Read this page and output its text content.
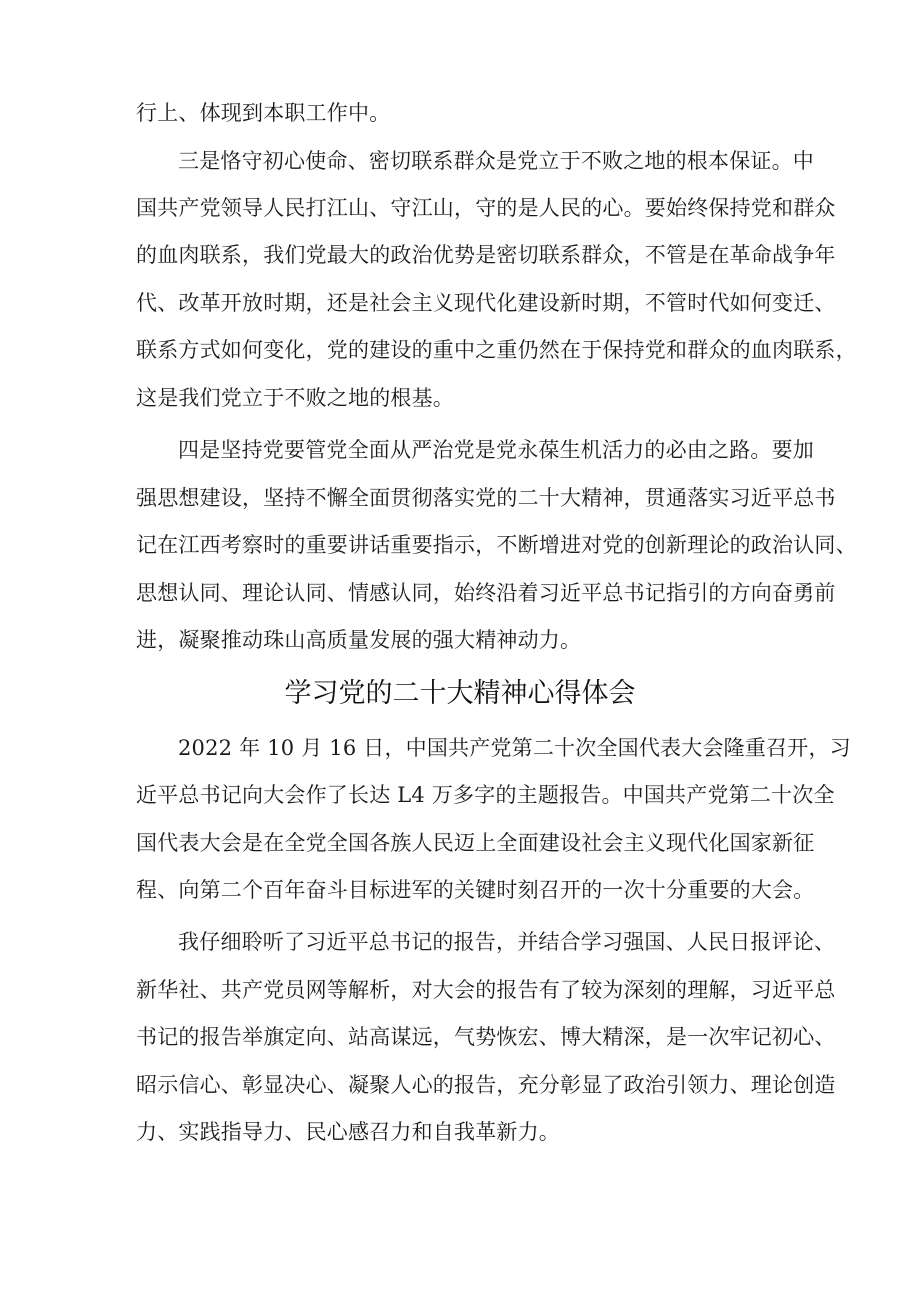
行上、体现到本职工作中。
三是恪守初心使命、密切联系群众是党立于不败之地的根本保证。中
国共产党领导人民打江山、守江山，守的是人民的心。要始终保持党和群众
的血肉联系，我们党最大的政治优势是密切联系群众，不管是在革命战争年
代、改革开放时期，还是社会主义现代化建设新时期，不管时代如何变迁、
联系方式如何变化，党的建设的重中之重仍然在于保持党和群众的血肉联系，
这是我们党立于不败之地的根基。
四是坚持党要管党全面从严治党是党永葆生机活力的必由之路。要加
强思想建设，坚持不懈全面贯彻落实党的二十大精神，贯通落实习近平总书
记在江西考察时的重要讲话重要指示，不断增进对党的创新理论的政治认同、
思想认同、理论认同、情感认同，始终沿着习近平总书记指引的方向奋勇前
进，凝聚推动珠山高质量发展的强大精神动力。
学习党的二十大精神心得体会
2022 年 10 月 16 日，中国共产党第二十次全国代表大会隆重召开，习
近平总书记向大会作了长达 L4 万多字的主题报告。中国共产党第二十次全
国代表大会是在全党全国各族人民迈上全面建设社会主义现代化国家新征
程、向第二个百年奋斗目标进军的关键时刻召开的一次十分重要的大会。
我仔细聆听了习近平总书记的报告，并结合学习强国、人民日报评论、
新华社、共产党员网等解析，对大会的报告有了较为深刻的理解，习近平总
书记的报告举旗定向、站高谋远，气势恢宏、博大精深，是一次牢记初心、
昭示信心、彰显决心、凝聚人心的报告，充分彰显了政治引领力、理论创造
力、实践指导力、民心感召力和自我革新力。
